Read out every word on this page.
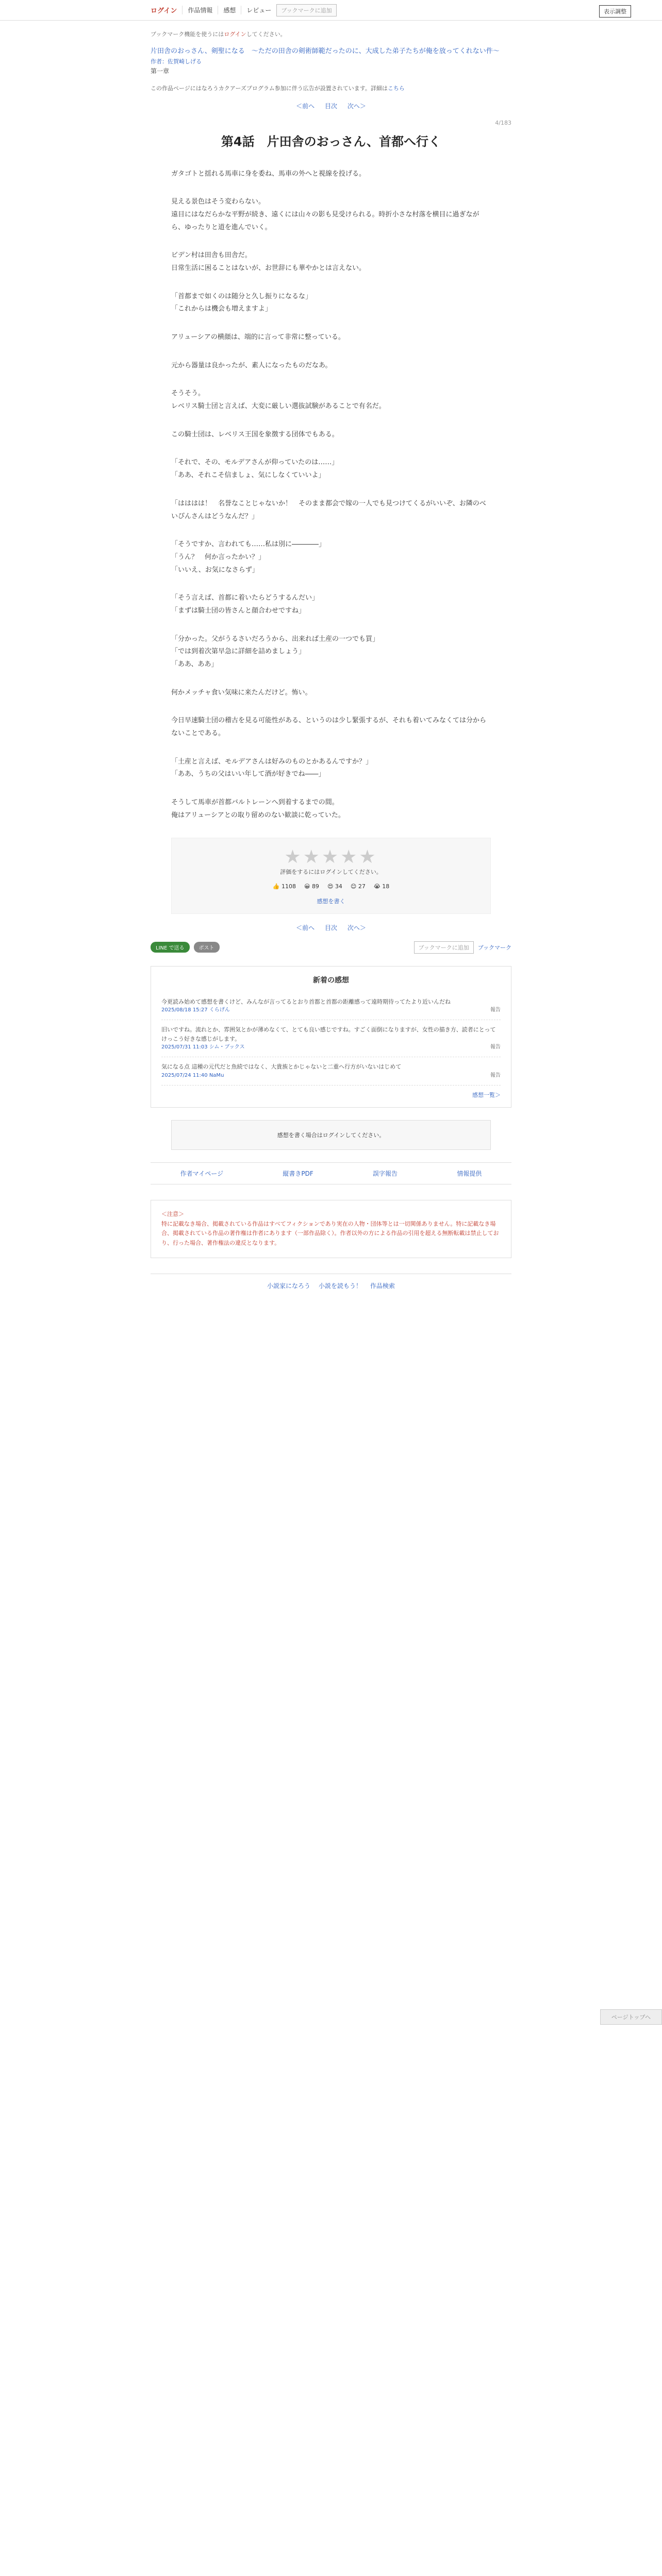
ログイン	作品情報	感想	レビュー	ブックマークに追加	表示調整

ブックマーク機能を使うにはログインしてください。

片田舎のおっさん、剣聖になる　〜ただの田舎の剣術師範だったのに、大成した弟子たちが俺を放ってくれない件〜
作者：佐賀崎しげる
第一章

この作品ページにはなろうカクアーズプログラム参加に伴う広告が設置されています。詳細はこちら

＜前へ 目次 次へ＞
4/183
第4話　片田舎のおっさん、首都へ行く

ガタゴトと揺れる馬車に身を委ね、馬車の外へと視線を投げる。

見える景色はそう変わらない。
遠目にはなだらかな平野が続き、遠くには山々の影も見受けられる。時折小さな村落を横目に過ぎながら、ゆったりと道を進んでいく。

ビデン村は田舎も田舎だ。
日常生活に困ることはないが、お世辞にも華やかとは言えない。

「首都まで如くのは随分と久し振りになるな」
「これからは機会も増えますよ」

アリューシアの横顔は、端的に言って非常に整っている。

元から器量は良かったが、素人になったものだなあ。

そうそう。
レベリス騎士団と言えば、大変に厳しい選抜試験があることで有名だ。

この騎士団は、レベリス王国を象徴する団体でもある。

「それで、その、モルデアさんが仰っていたのは……」
「ああ、それこそ信ましょ、気にしなくていいよ」

「はははは！　名誉なことじゃないか！　そのまま都会で嫁の一人でも見つけてくるがいいぞ、お隣のべいぴんさんはどうなんだ？」

「そうですか、言われても……私は別に――――」
「うん？　何か言ったかい？」
「いいえ、お気になさらず」

「そう言えば、首都に着いたらどうするんだい」
「まずは騎士団の皆さんと顔合わせですね」

「分かった。父がうるさいだろうから、出来れば土産の一つでも買」
「では到着次第早急に詳細を詰めましょう」
「ああ、ああ」

何かメッチャ食い気味に来たんだけど。怖い。

今日早速騎士団の稽古を見る可能性がある、というのは少し緊張するが、それも着いてみなくては分からないことである。

「土産と言えば、モルデアさんは好みのものとかあるんですか？」
「ああ、うちの父はいい年して酒が好きでね――」

そうして馬車が首都バルトレーンへ到着するまでの間。
俺はアリューシアとの取り留めのない歓談に乾っていた。

★★★★★
評価をするにはログインしてください。
👍 1108 😀 89 😍 34 😊 27 😭 18
感想を書く
＜前へ 目次 次へ＞
LINE で送る	ポスト	ブックマークに追加	ブックマーク
新着の感想
今更読み始めて感想を書くけど、みんなが言ってるとおり首都と首都の距離感って遠時期待ってたより近いんだね
2025/08/18 15:27 くらげん	報告
旧いですね。流れとか、雰囲気とかが薄めなくて、とても良い感じですね。すごく面倒になりますが、女性の描き方、読者にとってけっこう好きな感じがします。
2025/07/31 11:03 シム・ブックス	報告
気になる点 這種の元代だと魚続ではなく、大貴族とかじゃないと二重へ行方がいないはじめて
2025/07/24 11:40 NaMu	報告
感想一覧＞
感想を書く場合はログインしてください。
作者マイページ	縦書きPDF	誤字報告	情報提供
＜注意＞
特に記載なき場合、掲載されている作品はすべてフィクションであり実在の人物・団体等とは一切関係ありません。特に記載なき場合、掲載されている作品の著作権は作者にあります（一部作品除く）。作者以外の方による作品の引用を超える無断転載は禁止しており、行った場合、著作権法の違反となります。
小説家になろう 小説を読もう！ 作品検索
ページトップへ
